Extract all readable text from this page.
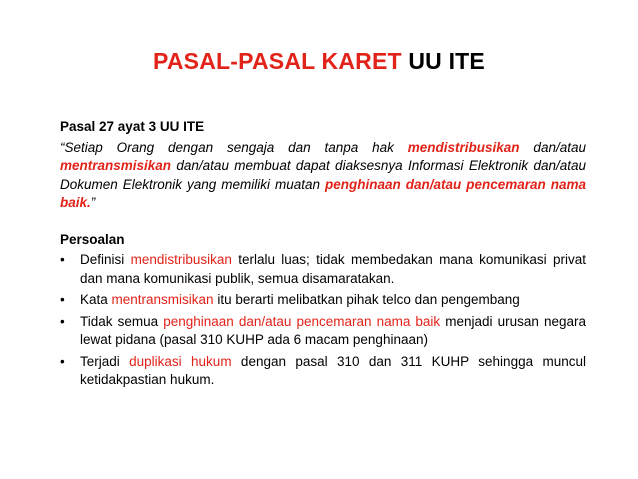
PASAL-PASAL KARET UU ITE

Pasal 27 ayat 3 UU ITE

“Setiap Orang dengan sengaja dan tanpa hak mendistribusikan dan/atau mentransmisikan dan/atau membuat dapat diaksesnya Informasi Elektronik dan/atau Dokumen Elektronik yang memiliki muatan penghinaan dan/atau pencemaran nama baik.”

Persoalan

• Definisi mendistribusikan terlalu luas; tidak membedakan mana komunikasi privat dan mana komunikasi publik, semua disamaratakan.
• Kata mentransmisikan itu berarti melibatkan pihak telco dan pengembang
• Tidak semua penghinaan dan/atau pencemaran nama baik menjadi urusan negara lewat pidana (pasal 310 KUHP ada 6 macam penghinaan)
• Terjadi duplikasi hukum dengan pasal 310 dan 311 KUHP sehingga muncul ketidakpastian hukum.
